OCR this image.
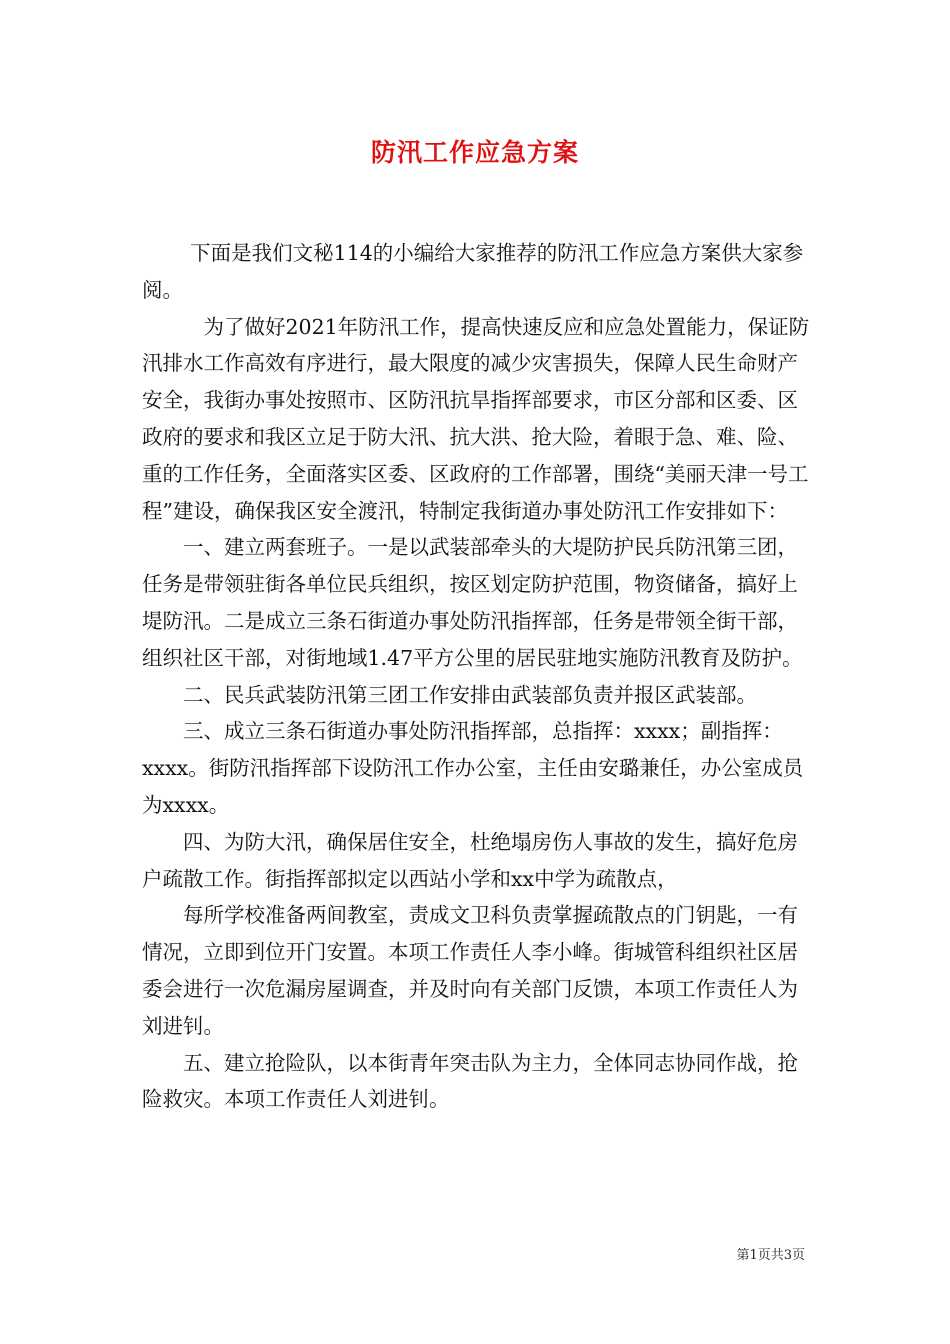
防汛工作应急方案

下面是我们文秘114的小编给大家推荐的防汛工作应急方案供大家参阅。

为了做好2021年防汛工作，提高快速反应和应急处置能力，保证防汛排水工作高效有序进行，最大限度的减少灾害损失，保障人民生命财产安全，我街办事处按照市、区防汛抗旱指挥部要求，市区分部和区委、区政府的要求和我区立足于防大汛、抗大洪、抢大险，着眼于急、难、险、重的工作任务，全面落实区委、区政府的工作部署，围绕“美丽天津一号工程”建设，确保我区安全渡汛，特制定我街道办事处防汛工作安排如下：

一、建立两套班子。一是以武装部牵头的大堤防护民兵防汛第三团，任务是带领驻街各单位民兵组织，按区划定防护范围，物资储备，搞好上堤防汛。二是成立三条石街道办事处防汛指挥部，任务是带领全街干部，组织社区干部，对街地域1.47平方公里的居民驻地实施防汛教育及防护。

二、民兵武装防汛第三团工作安排由武装部负责并报区武装部。

三、成立三条石街道办事处防汛指挥部，总指挥：xxxx；副指挥：xxxx。街防汛指挥部下设防汛工作办公室，主任由安璐兼任，办公室成员为xxxx。

四、为防大汛，确保居住安全，杜绝塌房伤人事故的发生，搞好危房户疏散工作。街指挥部拟定以西站小学和xx中学为疏散点，

每所学校准备两间教室，责成文卫科负责掌握疏散点的门钥匙，一有情况，立即到位开门安置。本项工作责任人李小峰。街城管科组织社区居委会进行一次危漏房屋调查，并及时向有关部门反馈，本项工作责任人为刘进钊。

五、建立抢险队，以本街青年突击队为主力，全体同志协同作战，抢险救灾。本项工作责任人刘进钊。

第1页共3页
